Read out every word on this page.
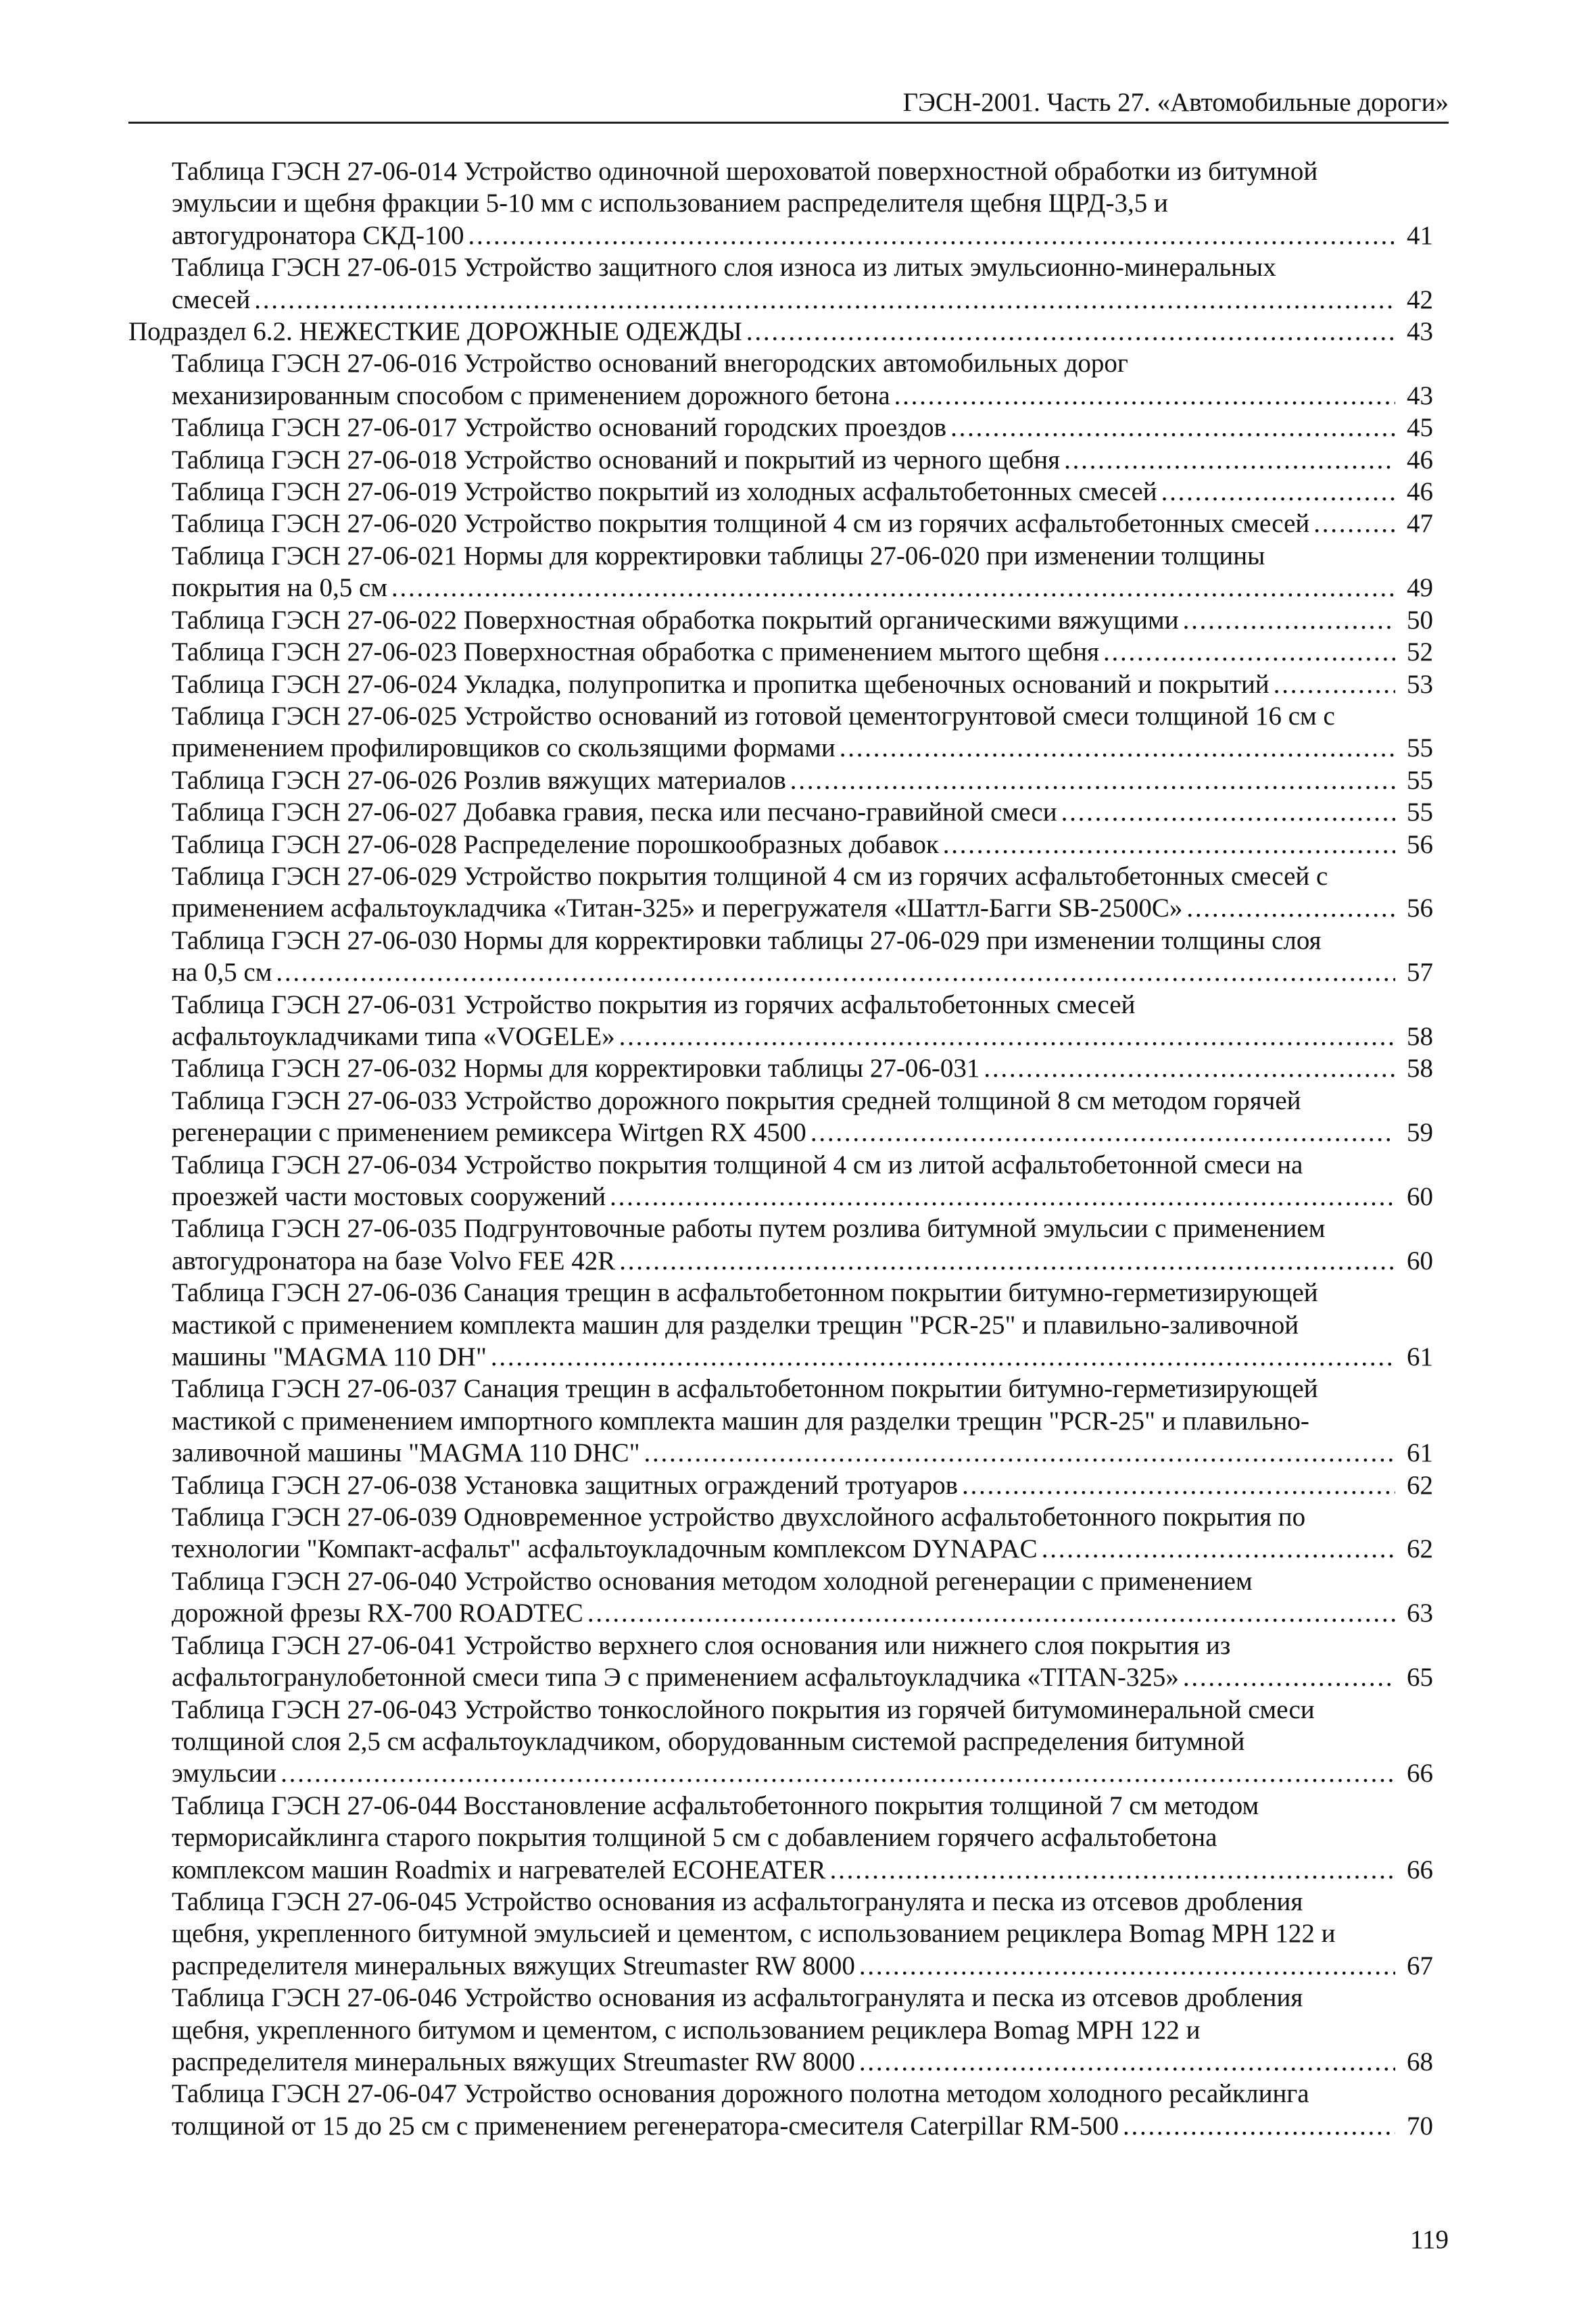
ГЭСН-2001. Часть 27. «Автомобильные дороги»
Таблица ГЭСН 27-06-014 Устройство одиночной шероховатой поверхностной обработки из битумной
эмульсии и щебня фракции 5-10 мм с использованием распределителя щебня ЩРД-3,5 и
автогудронатора СКД-100 . . .	41
Таблица ГЭСН 27-06-015 Устройство защитного слоя износа из литых эмульсионно-минеральных
смесей . . .	42
Подраздел 6.2. НЕЖЕСТКИЕ ДОРОЖНЫЕ ОДЕЖДЫ . . .	43
Таблица ГЭСН 27-06-016 Устройство оснований внегородских автомобильных дорог
механизированным способом с применением дорожного бетона . . .	43
Таблица ГЭСН 27-06-017 Устройство оснований городских проездов . . .	45
Таблица ГЭСН 27-06-018 Устройство оснований и покрытий из черного щебня . . .	46
Таблица ГЭСН 27-06-019 Устройство покрытий из холодных асфальтобетонных смесей . . .	46
Таблица ГЭСН 27-06-020 Устройство покрытия толщиной 4 см из горячих асфальтобетонных смесей . . .	47
Таблица ГЭСН 27-06-021 Нормы для корректировки таблицы 27-06-020 при изменении толщины
покрытия на 0,5 см . . .	49
Таблица ГЭСН 27-06-022 Поверхностная обработка покрытий органическими вяжущими . . .	50
Таблица ГЭСН 27-06-023 Поверхностная обработка с применением мытого щебня . . .	52
Таблица ГЭСН 27-06-024 Укладка, полупропитка и пропитка щебеночных оснований и покрытий . . .	53
Таблица ГЭСН 27-06-025 Устройство оснований из готовой цементогрунтовой смеси толщиной 16 см с
применением профилировщиков со скользящими формами . . .	55
Таблица ГЭСН 27-06-026 Розлив вяжущих материалов . . .	55
Таблица ГЭСН 27-06-027 Добавка гравия, песка или песчано-гравийной смеси . . .	55
Таблица ГЭСН 27-06-028 Распределение порошкообразных добавок . . .	56
Таблица ГЭСН 27-06-029 Устройство покрытия толщиной 4 см из горячих асфальтобетонных смесей с
применением асфальтоукладчика «Титан-325» и перегружателя «Шаттл-Багги SB-2500C» . . .	56
Таблица ГЭСН 27-06-030 Нормы для корректировки таблицы 27-06-029 при изменении толщины слоя
на 0,5 см . . .	57
Таблица ГЭСН 27-06-031 Устройство покрытия из горячих асфальтобетонных смесей
асфальтоукладчиками типа «VOGELE» . . .	58
Таблица ГЭСН 27-06-032 Нормы для корректировки таблицы 27-06-031 . . .	58
Таблица ГЭСН 27-06-033 Устройство дорожного покрытия средней толщиной 8 см методом горячей
регенерации с применением ремиксера Wirtgen RX 4500 . . .	59
Таблица ГЭСН 27-06-034 Устройство покрытия толщиной 4 см из литой асфальтобетонной смеси на
проезжей части мостовых сооружений . . .	60
Таблица ГЭСН 27-06-035 Подгрунтовочные работы путем розлива битумной эмульсии с применением
автогудронатора на базе Volvo FEE 42R . . .	60
Таблица ГЭСН 27-06-036 Санация трещин в асфальтобетонном покрытии битумно-герметизирующей
мастикой с применением комплекта машин для разделки трещин "PCR-25" и плавильно-заливочной
машины "MAGMA 110 DH" . . .	61
Таблица ГЭСН 27-06-037 Санация трещин в асфальтобетонном покрытии битумно-герметизирующей
мастикой с применением импортного комплекта машин для разделки трещин "PCR-25" и плавильно-
заливочной машины "MAGMA 110 DHC" . . .	61
Таблица ГЭСН 27-06-038 Установка защитных ограждений тротуаров . . .	62
Таблица ГЭСН 27-06-039 Одновременное устройство двухслойного асфальтобетонного покрытия по
технологии "Компакт-асфальт" асфальтоукладочным комплексом DYNAPAC . . .	62
Таблица ГЭСН 27-06-040 Устройство основания методом холодной регенерации с применением
дорожной фрезы RX-700 ROADTEC . . .	63
Таблица ГЭСН 27-06-041 Устройство верхнего слоя основания или нижнего слоя покрытия из
асфальтогранулобетонной смеси типа Э с применением асфальтоукладчика «TITAN-325» . . .	65
Таблица ГЭСН 27-06-043 Устройство тонкослойного покрытия из горячей битумоминеральной смеси
толщиной слоя 2,5 см асфальтоукладчиком, оборудованным системой распределения битумной
эмульсии . . .	66
Таблица ГЭСН 27-06-044 Восстановление асфальтобетонного покрытия толщиной 7 см методом
терморисайклинга старого покрытия толщиной 5 см с добавлением горячего асфальтобетона
комплексом машин Roadmix и нагревателей ECOHEATER . . .	66
Таблица ГЭСН 27-06-045 Устройство основания из асфальтогранулята и песка из отсевов дробления
щебня, укрепленного битумной эмульсией и цементом, с использованием рециклера Bomag MPH 122 и
распределителя минеральных вяжущих Streumaster RW 8000 . . .	67
Таблица ГЭСН 27-06-046 Устройство основания из асфальтогранулята и песка из отсевов дробления
щебня, укрепленного битумом и цементом, с использованием рециклера Bomag MPH 122 и
распределителя минеральных вяжущих Streumaster RW 8000 . . .	68
Таблица ГЭСН 27-06-047 Устройство основания дорожного полотна методом холодного ресайклинга
толщиной от 15 до 25 см с применением регенератора-смесителя Caterpillar RM-500 . . .	70
119
